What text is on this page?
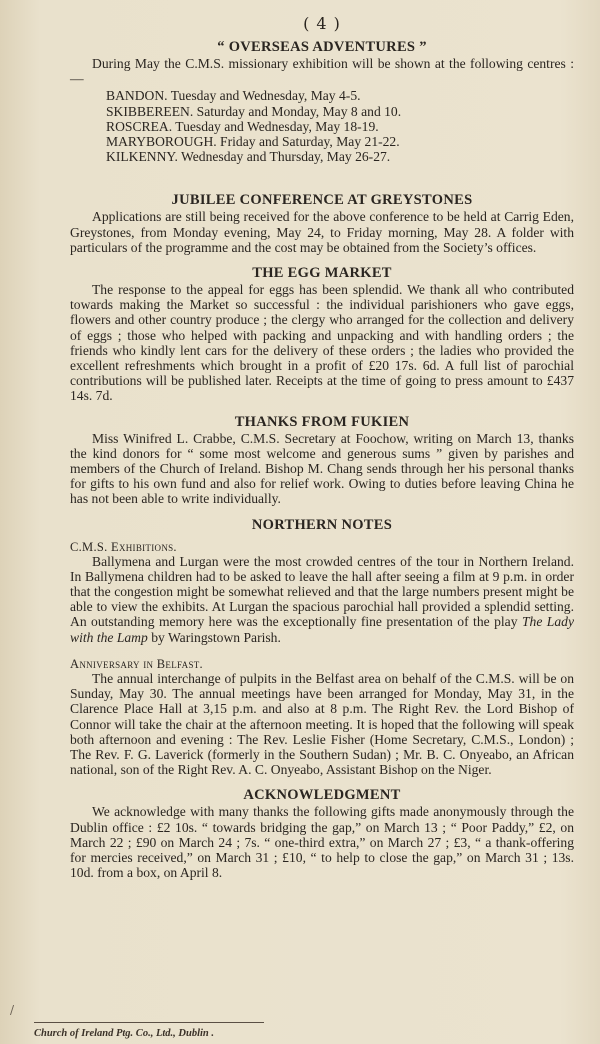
( 4 )
“ OVERSEAS ADVENTURES ”

During May the C.M.S. missionary exhibition will be shown at the following centres :—

BANDON. Tuesday and Wednesday, May 4-5.
SKIBBEREEN. Saturday and Monday, May 8 and 10.
ROSCREA. Tuesday and Wednesday, May 18-19.
MARYBOROUGH. Friday and Saturday, May 21-22.
KILKENNY. Wednesday and Thursday, May 26-27.
JUBILEE CONFERENCE AT GREYSTONES

Applications are still being received for the above conference to be held at Carrig Eden, Greystones, from Monday evening, May 24, to Friday morning, May 28. A folder with particulars of the programme and the cost may be obtained from the Society’s offices.

THE EGG MARKET

The response to the appeal for eggs has been splendid. We thank all who contributed towards making the Market so successful : the individual parishioners who gave eggs, flowers and other country produce ; the clergy who arranged for the collection and delivery of eggs ; those who helped with packing and unpacking and with handling orders ; the friends who kindly lent cars for the delivery of these orders ; the ladies who provided the excellent refreshments which brought in a profit of £20 17s. 6d. A full list of parochial contributions will be published later. Receipts at the time of going to press amount to £437 14s. 7d.

THANKS FROM FUKIEN

Miss Winifred L. Crabbe, C.M.S. Secretary at Foochow, writing on March 13, thanks the kind donors for “ some most welcome and generous sums ” given by parishes and members of the Church of Ireland. Bishop M. Chang sends through her his personal thanks for gifts to his own fund and also for relief work. Owing to duties before leaving China he has not been able to write individually.

NORTHERN NOTES
C.M.S. Exhibitions.

Ballymena and Lurgan were the most crowded centres of the tour in Northern Ireland. In Ballymena children had to be asked to leave the hall after seeing a film at 9 p.m. in order that the congestion might be somewhat relieved and that the large numbers present might be able to view the exhibits. At Lurgan the spacious parochial hall provided a splendid setting. An outstanding memory here was the exceptionally fine presentation of the play The Lady with the Lamp by Waringstown Parish.

Anniversary in Belfast.

The annual interchange of pulpits in the Belfast area on behalf of the C.M.S. will be on Sunday, May 30. The annual meetings have been arranged for Monday, May 31, in the Clarence Place Hall at 3,15 p.m. and also at 8 p.m. The Right Rev. the Lord Bishop of Connor will take the chair at the afternoon meeting. It is hoped that the following will speak both afternoon and evening : The Rev. Leslie Fisher (Home Secretary, C.M.S., London) ; The Rev. F. G. Laverick (formerly in the Southern Sudan) ; Mr. B. C. Onyeabo, an African national, son of the Right Rev. A. C. Onyeabo, Assistant Bishop on the Niger.

ACKNOWLEDGMENT

We acknowledge with many thanks the following gifts made anonymously through the Dublin office : £2 10s. “ towards bridging the gap,” on March 13 ; “ Poor Paddy,” £2, on March 22 ; £90 on March 24 ; 7s. “ one-third extra,” on March 27 ; £3, “ a thank-offering for mercies received,” on March 31 ; £10, “ to help to close the gap,” on March 31 ; 13s. 10d. from a box, on April 8.

/
Church of Ireland Ptg. Co., Ltd., Dublin .
